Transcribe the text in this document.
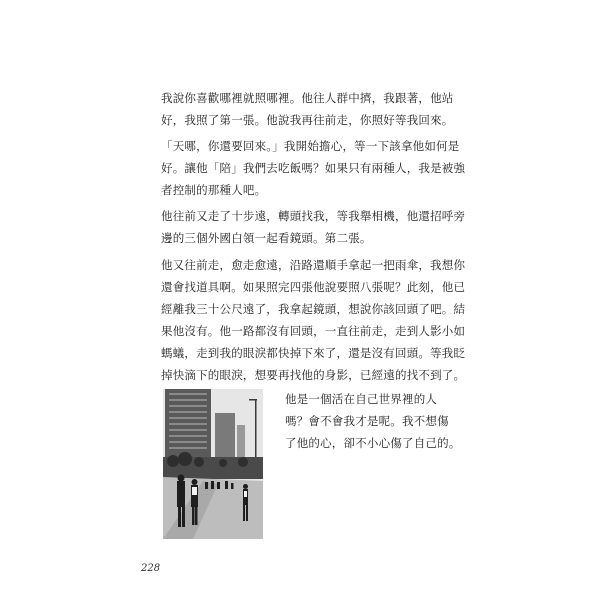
我說你喜歡哪裡就照哪裡。他往人群中擠，我跟著，他站
好，我照了第一張。他說我再往前走，你照好等我回來。
「天哪，你還要回來。」我開始擔心，等一下該拿他如何是
好。讓他「陪」我們去吃飯嗎？如果只有兩種人，我是被強
者控制的那種人吧。
他往前又走了十步遠，轉頭找我，等我舉相機，他還招呼旁
邊的三個外國白領一起看鏡頭。第二張。
他又往前走，愈走愈遠，沿路還順手拿起一把雨傘，我想你
還會找道具啊。如果照完四張他說要照八張呢？此刻，他已
經離我三十公尺遠了，我拿起鏡頭，想說你該回頭了吧。結
果他沒有。他一路都沒有回頭，一直往前走，走到人影小如
螞蟻，走到我的眼淚都快掉下來了，還是沒有回頭。等我眨
掉快滴下的眼淚，想要再找他的身影，已經遠的找不到了。
他是一個活在自己世界裡的人
嗎？會不會我才是呢。我不想傷
了他的心，卻不小心傷了自己的。
228
